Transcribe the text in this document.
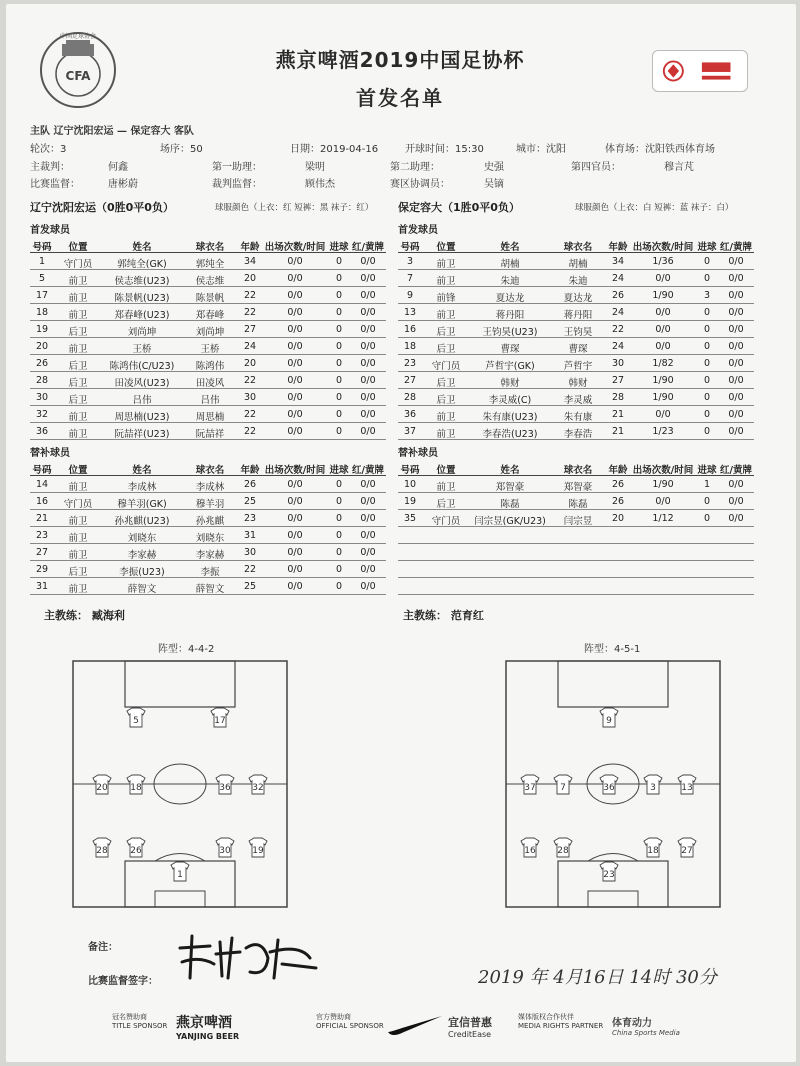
CFA
中国足球协会
燕京啤酒2019中国足协杯
首发名单
主队 辽宁沈阳宏运 — 保定容大 客队
轮次：3	场序：50	日期：2019-04-16	开球时间：15:30	城市：沈阳	体育场：沈阳铁西体育场
主裁判：	何鑫	第一助理：	梁明	第二助理：	史强	第四官员：	穆言芃
比赛监督：	唐彬蔚	裁判监督：	顾伟杰	赛区协调员：	吴镝
辽宁沈阳宏运（0胜0平0负）	球服颜色（上衣：红 短裤：黑 袜子：红） 保定容大（1胜0平0负）	球服颜色（上衣：白 短裤：蓝 袜子：白）
首发球员	首发球员
号码	位置	姓名	球衣名	年龄 出场次数/时间 进球 红/黄牌
1	守门员	郭纯全(GK)	郭纯全	34	0/0	0	0/0
5	前卫	侯志维(U23)	侯志维	20	0/0	0	0/0
17	前卫	陈景帆(U23)	陈景帆	22	0/0	0	0/0
18	前卫	郑春峰(U23)	郑春峰	22	0/0	0	0/0
19	后卫	刘尚坤	刘尚坤	27	0/0	0	0/0
20	前卫	王桥	王桥	24	0/0	0	0/0
26	后卫	陈鸿伟(C/U23)	陈鸿伟	20	0/0	0	0/0
28	后卫	田凌风(U23)	田凌风	22	0/0	0	0/0
30	后卫	吕伟	吕伟	30	0/0	0	0/0
32	前卫	周思楠(U23)	周思楠	22	0/0	0	0/0
36	前卫	阮喆祥(U23)	阮喆祥	22	0/0	0	0/0
号码	位置	姓名	球衣名	年龄 出场次数/时间 进球 红/黄牌
3	前卫	胡楠	胡楠	34	1/36	0	0/0
7	前卫	朱迪	朱迪	24	0/0	0	0/0
9	前锋	夏达龙	夏达龙	26	1/90	3	0/0
13	前卫	蒋丹阳	蒋丹阳	24	0/0	0	0/0
16	后卫	王钧昊(U23)	王钧昊	22	0/0	0	0/0
18	后卫	曹琛	曹琛	24	0/0	0	0/0
23	守门员	芦哲宇(GK)	芦哲宇	30	1/82	0	0/0
27	后卫	韩财	韩财	27	1/90	0	0/0
28	后卫	李灵威(C)	李灵威	28	1/90	0	0/0
36	前卫	朱有康(U23)	朱有康	21	0/0	0	0/0
37	前卫	李春浩(U23)	李春浩	21	1/23	0	0/0
替补球员	替补球员
号码	位置	姓名	球衣名	年龄 出场次数/时间 进球 红/黄牌
14	前卫	李成林	李成林	26	0/0	0	0/0
16	守门员	穆羊羽(GK)	穆羊羽	25	0/0	0	0/0
21	前卫	孙兆麒(U23)	孙兆麒	23	0/0	0	0/0
23	前卫	刘晓东	刘晓东	31	0/0	0	0/0
27	前卫	李家赫	李家赫	30	0/0	0	0/0
29	后卫	李振(U23)	李振	22	0/0	0	0/0
31	前卫	薛智文	薛智文	25	0/0	0	0/0
号码	位置	姓名	球衣名	年龄 出场次数/时间 进球 红/黄牌
10	前卫	郑智豪	郑智豪	26	1/90	1	0/0
19	后卫	陈磊	陈磊	26	0/0	0	0/0
35	守门员	闫宗昱(GK/U23)	闫宗昱	20	1/12	0	0/0
主教练： 臧海利	主教练： 范育红
阵型：4-4-2	阵型：4-5-1
5	17
20	18	36 32
28	26	30 19
1
9
37	7	36	3	13
16 28	18	27
23
备注：
比赛监督签字：	2019 年 4月16日 14时 30分
冠名赞助商
TITLE SPONSOR 燕京啤酒
YANJING BEER
官方赞助商
OFFICIAL SPONSOR	宜信普惠
CreditEase
媒体版权合作伙伴
MEDIA RIGHTS PARTNER 体育动力
China Sports Media
